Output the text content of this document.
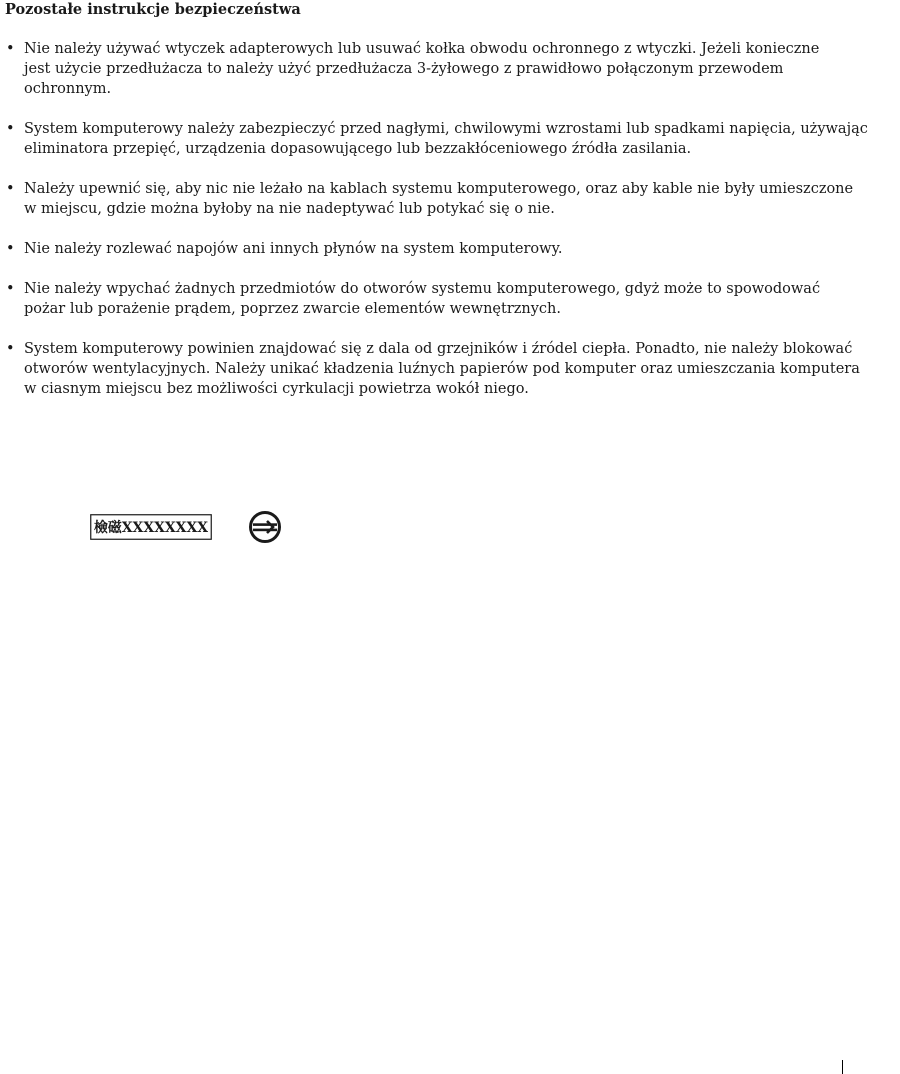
Pozostałe instrukcje bezpieczeństwa
• Nie należy używać wtyczek adapterowych lub usuwać kołka obwodu ochronnego z wtyczki. Jeżeli konieczne
jest użycie przedłużacza to należy użyć przedłużacza 3-żyłowego z prawidłowo połączonym przewodem
ochronnym.
• System komputerowy należy zabezpieczyć przed nagłymi, chwilowymi wzrostami lub spadkami napięcia, używając
eliminatora przepięć, urządzenia dopasowującego lub bezzakłóceniowego źródła zasilania.
• Należy upewnić się, aby nic nie leżało na kablach systemu komputerowego, oraz aby kable nie były umieszczone
w miejscu, gdzie można byłoby na nie nadeptywać lub potykać się o nie.
• Nie należy rozlewać napojów ani innych płynów na system komputerowy.
• Nie należy wpychać żadnych przedmiotów do otworów systemu komputerowego, gdyż może to spowodować
pożar lub porażenie prądem, poprzez zwarcie elementów wewnętrznych.
• System komputerowy powinien znajdować się z dala od grzejników i źródel ciepła. Ponadto, nie należy blokować
otworów wentylacyjnych. Należy unikać kładzenia luźnych papierów pod komputer oraz umieszczania komputera
w ciasnym miejscu bez możliwości cyrkulacji powietrza wokół niego.
檢磁XXXXXXXX
